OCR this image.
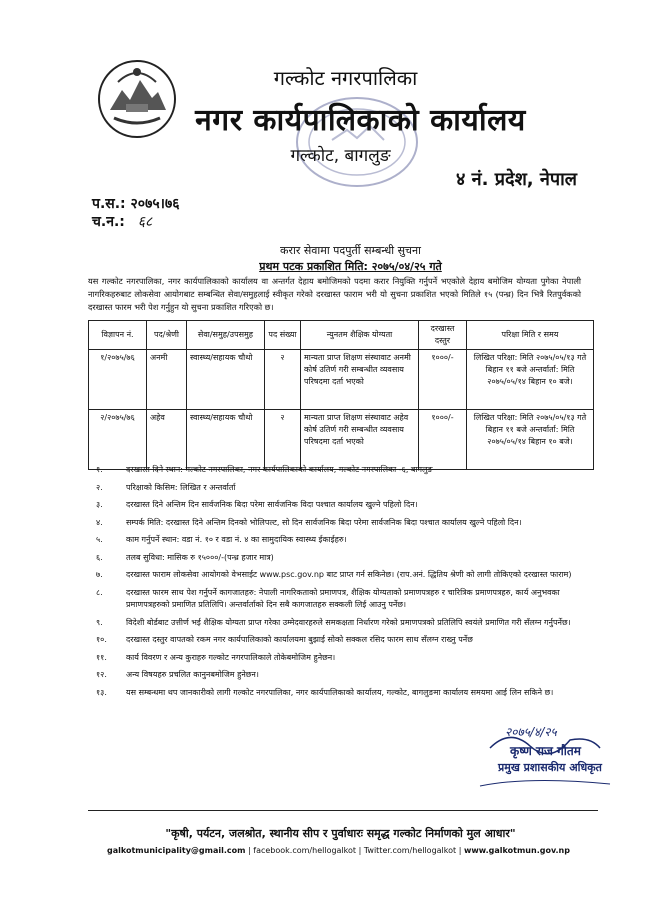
गल्कोट नगरपालिका
नगर कार्यपालिकाको कार्यालय
गल्कोट, बागलुङ
४ नं. प्रदेश, नेपाल
प.स.: २०७५।७६
च.न.: ६८
करार सेवामा पदपुर्ती सम्बन्धी सुचना
प्रथम पटक प्रकाशित मिति: २०७५/०४/२५ गते

यस गल्कोट नगरपालिका, नगर कार्यपालिकाको कार्यालय वा अन्तर्गत देहाय बमोजिमको पदमा करार नियुक्ति गर्नुपर्ने भएकोले देहाय बमोजिम योग्यता पुगेका नेपाली नागरिकहरुबाट लोकसेवा आयोगबाट सम्बन्धित सेवा/समुहलाई स्वीकृत गरेको दरखास्त फाराम भरी यो सुचना प्रकाशित भएको मितिले १५ (पन्ध्र) दिन भित्रै रितपुर्वकको दरखास्त फारम भरी पेश गर्नुहुन यो सुचना प्रकाशित गरिएको छ।

विज्ञापन नं.	पद/श्रेणी	सेवा/समुह/उपसमुह	पद संख्या	न्युनतम शैक्षिक योग्यता	दरखास्त दस्तुर	परिक्षा मिति र समय
१/२०७५/७६	अनमी	स्वास्थ्य/सहायक चौथो	२	मान्यता प्राप्त शिक्षण संस्थावाट अनमी कोर्ष उतिर्ण गरी सम्बन्धीत व्यवसाय परिषदमा दर्ता भएको	१०००/-	लिखित परिक्षा: मिति २०७५/०५/१३ गते बिहान ११ बजे अन्तर्वार्ता: मिति २०७५/०५/१४ बिहान १० बजे।
२/२०७५/७६	अहेव	स्वास्थ्य/सहायक चौथो	२	मान्यता प्राप्त शिक्षण संस्थावाट अहेव कोर्ष उतिर्ण गरी सम्बन्धीत व्यवसाय परिषदमा दर्ता भएको	१०००/-	लिखित परिक्षा: मिति २०७५/०५/१३ गते बिहान ११ बजे अन्तर्वार्ता: मिति २०७५/०५/१४ बिहान १० बजे।
१.	दरखास्त दिने स्थान: गल्कोट नगरपालिका, नगर कार्यपालिकाको कार्यालय, गल्कोट नगरपालिका -६, बागलुङ
२.	परिक्षाको किसिम: लिखित र अन्तर्वार्ता
३.	दरखास्त दिने अन्तिम दिन सार्वजनिक बिदा परेमा सार्वजनिक विदा पश्चात कार्यालय खुल्ने पहिलो दिन।
४.	सम्पर्क मिति: दरखास्त दिने अन्तिम दिनको भोलिपल्ट, सो दिन सार्वजनिक बिदा परेमा सार्वजनिक बिदा पश्चात कार्यालय खुल्ने पहिलो दिन।
५.	काम गर्नुपर्ने स्थान: वडा नं. १० र वडा नं. ४ का सामुदायिक स्वास्थ्य ईकाईहरु।
६.	तलब सुविधा: मासिक रु १५०००/-(पन्ध्र हजार मात्र)
७.	दरखास्त फाराम लोकसेवा आयोगको वेभसाईट www.psc.gov.np बाट प्राप्त गर्न सकिनेछ। (राप.अनं. द्धितिय श्रेणी को लागी तोकिएको दरखास्त फाराम)
८.	दरखास्त फारम साथ पेश गर्नुपर्ने कागजातहरु: नेपाली नागरिकताको प्रमाणपत्र, शैक्षिक योग्यताको प्रमाणपत्रहरु र चारित्रिक प्रमाणपत्रहरु, कार्य अनुभवका प्रमाणपत्रहरुको प्रमाणित प्रतिलिपि। अन्तर्वार्ताको दिन सबै कागजातहरु सक्कली लिई आउनु पर्नेछ।
९.	विदेशी बोर्डबाट उत्तीर्ण भई शैक्षिक योग्यता प्राप्त गरेका उम्मेदवारहरुले समकक्षता निर्धारण गरेको प्रमाणपत्रको प्रतिलिपि स्वयंले प्रमाणित गरी सँलग्न गर्नुपर्नेछ।
१०.	दरखास्त दस्तुर वापतको रकम नगर कार्यपालिकाको कार्यालयमा बुझाई सोको सक्कल रसिद फारम साथ सँलग्न राख्नु पर्नेछ
११.	कार्य विवरण र अन्य कुराहरु गल्कोट नगरपालिकाले तोकेबमोजिम हुनेछन।
१२.	अन्य विषयहरु प्रचलित कानुनबमोजिम हुनेछन।
१३.	यस सम्बन्धमा थप जानकारीको लागी गल्कोट नगरपालिका, नगर कार्यपालिकाको कार्यालय, गल्कोट, बागलुङमा कार्यालय समयमा आई लिन सकिने छ।
२०७५/४/२५
कृष्ण राज गौतम
प्रमुख प्रशासकीय अधिकृत
"कृषी, पर्यटन, जलश्रोत, स्थानीय सीप र पुर्वाधारः समृद्ध गल्कोट निर्माणको मुल आधार"
galkotmunicipality@gmail.com | facebook.com/hellogalkot | Twitter.com/hellogalkot | www.galkotmun.gov.np
